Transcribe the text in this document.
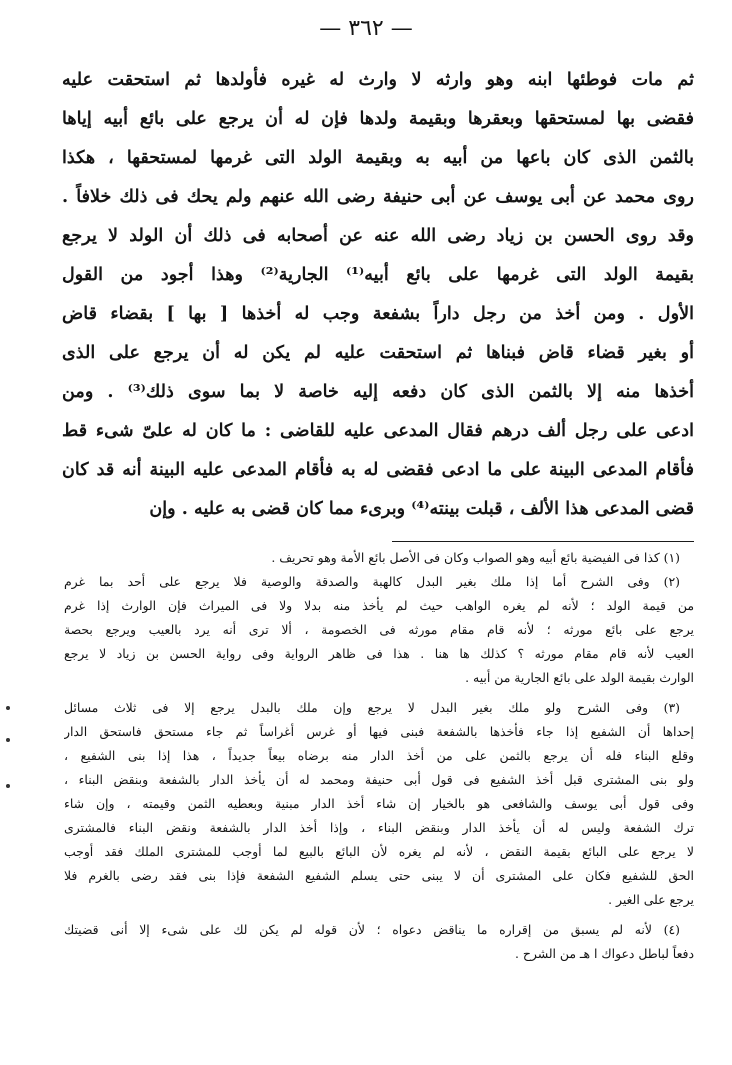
— ٣٦٢ —
ثم مات فوطئها ابنه وهو وارثه لا وارث له غيره فأولدها ثم استحقت عليه
فقضى بها لمستحقها وبعقرها وبقيمة ولدها فإن له أن يرجع على بائع أبيه إياها
بالثمن الذى كان باعها من أبيه به وبقيمة الولد التى غرمها لمستحقها ، هكذا
روى محمد عن أبى يوسف عن أبى حنيفة رضى الله عنهم ولم يحك فى ذلك خلافاً .
وقد روى الحسن بن زياد رضى الله عنه عن أصحابه فى ذلك أن الولد لا يرجع
بقيمة الولد التى غرمها على بائع أبيه⁽¹⁾ الجارية⁽²⁾ وهذا أجود من القول
الأول . ومن أخذ من رجل داراً بشفعة وجب له أخذها [ بها ] بقضاء قاض
أو بغير قضاء قاض فبناها ثم استحقت عليه لم يكن له أن يرجع على الذى
أخذها منه إلا بالثمن الذى كان دفعه إليه خاصة لا بما سوى ذلك⁽³⁾ . ومن
ادعى على رجل ألف درهم فقال المدعى عليه للقاضى : ما كان له علىّ شىء قط
فأقام المدعى البينة على ما ادعى فقضى له به فأقام المدعى عليه البينة أنه قد كان
قضى المدعى هذا الألف ، قبلت بينته⁽⁴⁾ وبرىء مما كان قضى به عليه . وإن
(١) كذا فى الفيضية بائع أبيه وهو الصواب وكان فى الأصل بائع الأمة وهو تحريف .
(٢) وفى الشرح أما إذا ملك بغير البدل كالهبة والصدقة والوصية فلا يرجع على أحد بما غرم
من قيمة الولد ؛ لأنه لم يغره الواهب حيث لم يأخذ منه بدلا ولا فى الميراث فإن الوارث إذا غرم
يرجع على بائع مورثه ؛ لأنه قام مقام مورثه فى الخصومة ، ألا ترى أنه يرد بالعيب ويرجع بحصة
العيب لأنه قام مقام مورثه ؟ كذلك ها هنا . هذا فى ظاهر الرواية وفى رواية الحسن بن زياد لا يرجع
الوارث بقيمة الولد على بائع الجارية من أبيه .
(٣) وفى الشرح ولو ملك بغير البدل لا يرجع وإن ملك بالبدل يرجع إلا فى ثلاث مسائل
إحداها أن الشفيع إذا جاء فأخذها بالشفعة فبنى فيها أو غرس أغراساً ثم جاء مستحق فاستحق الدار
وقلع البناء فله أن يرجع بالثمن على من أخذ الدار منه برضاه بيعاً جديداً ، هذا إذا بنى الشفيع ،
ولو بنى المشترى قبل أخذ الشفيع فى قول أبى حنيفة ومحمد له أن يأخذ الدار بالشفعة وبنقض البناء ،
وفى قول أبى يوسف والشافعى هو بالخيار إن شاء أخذ الدار مبنية وبعطيه الثمن وقيمته ، وإن شاء
ترك الشفعة وليس له أن يأخذ الدار وبنقض البناء ، وإذا أخذ الدار بالشفعة ونقض البناء فالمشترى
لا يرجع على البائع بقيمة النقض ، لأنه لم يغره لأن البائع بالبيع لما أوجب للمشترى الملك فقد أوجب
الحق للشفيع فكان على المشترى أن لا يبنى حتى يسلم الشفيع الشفعة فإذا بنى فقد رضى بالغرم فلا
يرجع على الغير .
(٤) لأنه لم يسبق من إقراره ما يناقض دعواه ؛ لأن قوله لم يكن لك على شىء إلا أنى قضيتك
دفعاً لباطل دعواك ا هـ من الشرح .
